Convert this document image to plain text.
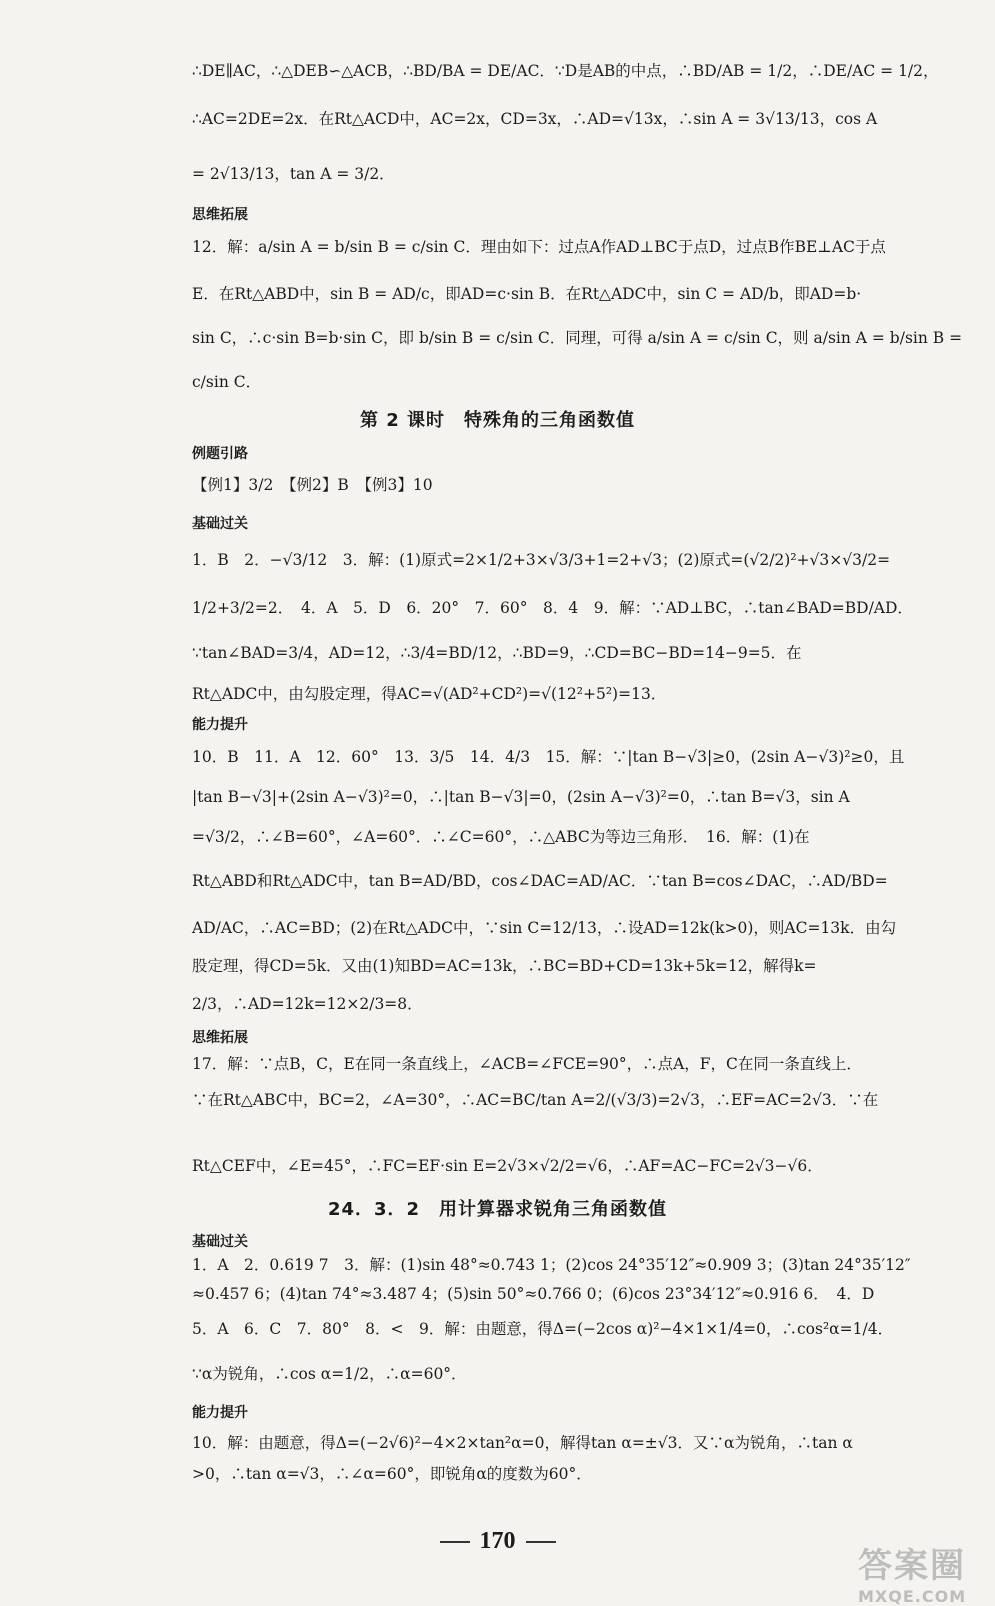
∴DE∥AC，∴△DEB∽△ACB，∴BD/BA = DE/AC．∵D是AB的中点，∴BD/AB = 1/2，∴DE/AC = 1/2，
∴AC=2DE=2x．在Rt△ACD中，AC=2x，CD=3x，∴AD=√13x，∴sin A = 3√13/13，cos A
= 2√13/13，tan A = 3/2．
思维拓展
12．解：a/sin A = b/sin B = c/sin C．理由如下：过点A作AD⊥BC于点D，过点B作BE⊥AC于点
E．在Rt△ABD中，sin B = AD/c，即AD=c·sin B．在Rt△ADC中，sin C = AD/b，即AD=b·
sin C，∴c·sin B=b·sin C，即 b/sin B = c/sin C．同理，可得 a/sin A = c/sin C，则 a/sin A = b/sin B =
c/sin C．
第 2 课时　特殊角的三角函数值
例题引路
【例1】3/2　【例2】B　【例3】10
基础过关
1．B　2．−√3/12　3．解：(1)原式=2×1/2+3×√3/3+1=2+√3；(2)原式=(√2/2)²+√3×√3/2=
1/2+3/2=2．　4．A　5．D　6．20°　7．60°　8．4　9．解：∵AD⊥BC，∴tan∠BAD=BD/AD．
∵tan∠BAD=3/4，AD=12，∴3/4=BD/12，∴BD=9，∴CD=BC−BD=14−9=5．在
Rt△ADC中，由勾股定理，得AC=√(AD²+CD²)=√(12²+5²)=13．
能力提升
10．B　11．A　12．60°　13．3/5　14．4/3　15．解：∵|tan B−√3|≥0，(2sin A−√3)²≥0，且
|tan B−√3|+(2sin A−√3)²=0，∴|tan B−√3|=0，(2sin A−√3)²=0，∴tan B=√3，sin A
=√3/2，∴∠B=60°，∠A=60°．∴∠C=60°，∴△ABC为等边三角形．　16．解：(1)在
Rt△ABD和Rt△ADC中，tan B=AD/BD，cos∠DAC=AD/AC．∵tan B=cos∠DAC，∴AD/BD=
AD/AC，∴AC=BD；(2)在Rt△ADC中，∵sin C=12/13，∴设AD=12k(k>0)，则AC=13k．由勾
股定理，得CD=5k．又由(1)知BD=AC=13k，∴BC=BD+CD=13k+5k=12，解得k=
2/3，∴AD=12k=12×2/3=8．
思维拓展
17．解：∵点B，C，E在同一条直线上，∠ACB=∠FCE=90°，∴点A，F，C在同一条直线上．
∵在Rt△ABC中，BC=2，∠A=30°，∴AC=BC/tan A=2/(√3/3)=2√3，∴EF=AC=2√3．∵在
Rt△CEF中，∠E=45°，∴FC=EF·sin E=2√3×√2/2=√6，∴AF=AC−FC=2√3−√6．
24．3．2　用计算器求锐角三角函数值
基础过关
1．A　2．0.619 7　3．解：(1)sin 48°≈0.743 1；(2)cos 24°35′12″≈0.909 3；(3)tan 24°35′12″
≈0.457 6；(4)tan 74°≈3.487 4；(5)sin 50°≈0.766 0；(6)cos 23°34′12″≈0.916 6．　4．D
5．A　6．C　7．80°　8．<　9．解：由题意，得Δ=(−2cos α)²−4×1×1/4=0，∴cos²α=1/4．
∵α为锐角，∴cos α=1/2，∴α=60°．
能力提升
10．解：由题意，得Δ=(−2√6)²−4×2×tan²α=0，解得tan α=±√3．又∵α为锐角，∴tan α
>0，∴tan α=√3，∴∠α=60°，即锐角α的度数为60°．
170
答案圈
MXQE.COM
